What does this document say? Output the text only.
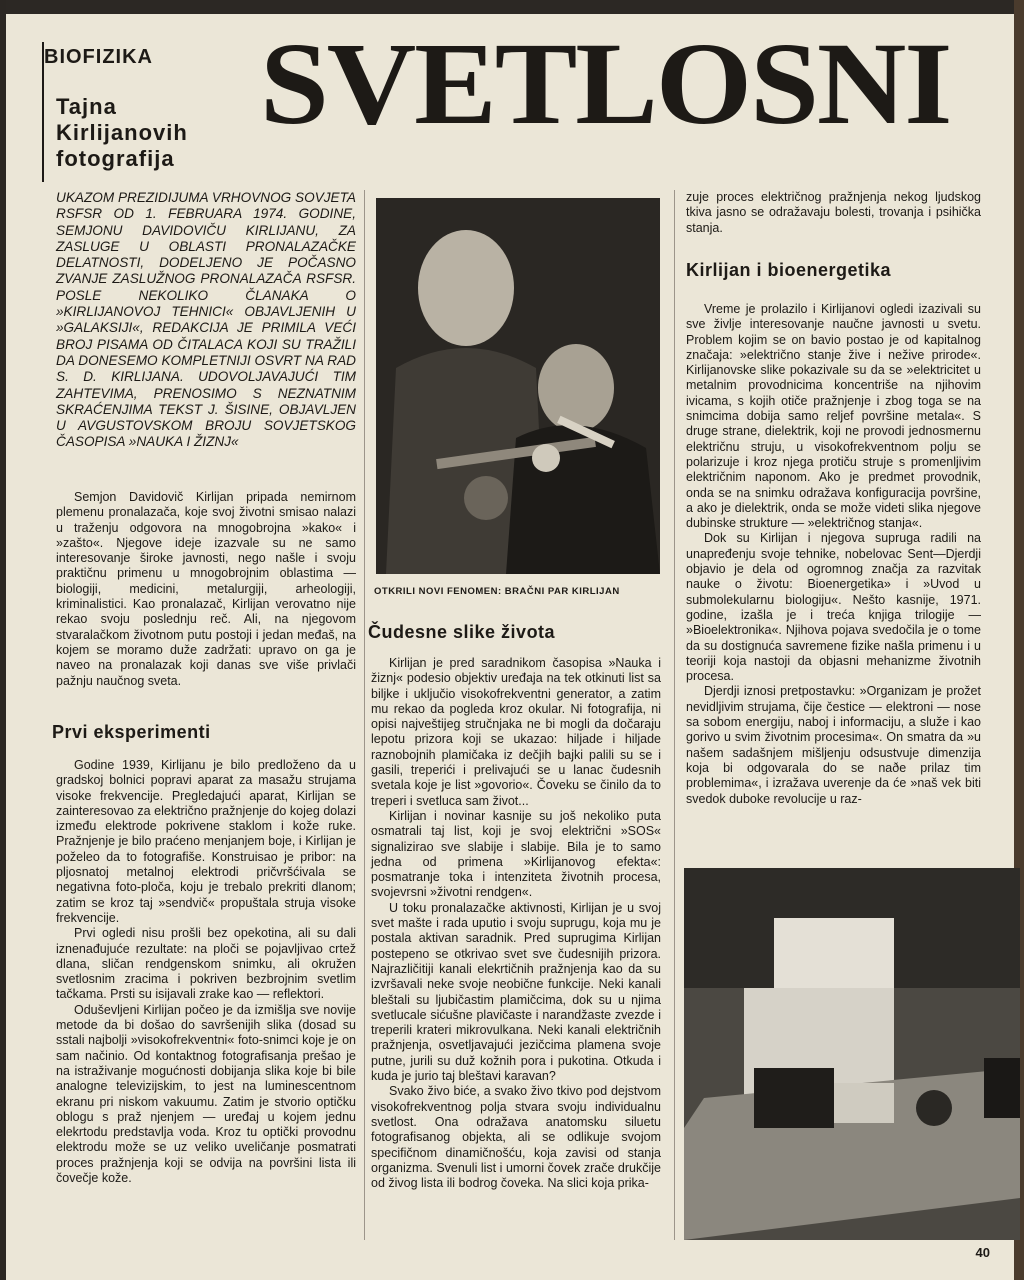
BIOFIZIKA
Tajna Kirlijanovih fotografija
SVETLOSNI
UKAZOM PREZIDIJUMA VRHOVNOG SOVJETA RSFSR OD 1. FEBRUARA 1974. GODINE, SEMJONU DAVIDOVIČU KIRLIJANU, ZA ZASLUGE U OBLASTI PRONALAZAČKE DELATNOSTI, DODELJENO JE POČASNO ZVANJE ZASLUŽNOG PRONALAZAČA RSFSR. POSLE NEKOLIKO ČLANAKA O »KIRLIJANOVOJ TEHNICI« OBJAVLJENIH U »GALAKSIJI«, REDAKCIJA JE PRIMILA VEĆI BROJ PISAMA OD ČITALACA KOJI SU TRAŽILI DA DONESEMO KOMPLETNIJI OSVRT NA RAD S. D. KIRLIJANA. UDOVOLJAVAJUĆI TIM ZAHTEVIMA, PRENOSIMO S NEZNATNIM SKRAĆENJIMA TEKST J. ŠISINE, OBJAVLJEN U AVGUSTOVSKOM BROJU SOVJETSKOG ČASOPISA »NAUKA I ŽIZNJ«

Semjon Davidovič Kirlijan pripada nemirnom plemenu pronalazača, koje svoj životni smisao nalazi u traženju odgovora na mnogobrojna »kako« i »zašto«. Njegove ideje izazvale su ne samo interesovanje široke javnosti, nego našle i svoju praktičnu primenu u mnogobrojnim oblastima — biologiji, medicini, metalurgiji, arheologiji, kriminalistici. Kao pronalazač, Kirlijan verovatno nije rekao svoju poslednju reč. Ali, na njegovom stvaralačkom životnom putu postoji i jedan međaš, na kojem se moramo duže zadržati: upravo on ga je naveo na pronalazak koji danas sve više privlači pažnju naučnog sveta.

Prvi eksperimenti

Godine 1939, Kirlijanu je bilo predloženo da u gradskoj bolnici popravi aparat za masažu strujama visoke frekvencije. Pregledajući aparat, Kirlijan se zainteresovao za električno pražnjenje do kojeg dolazi između elektrode pokrivene staklom i kože ruke. Pražnjenje je bilo praćeno menjanjem boje, i Kirlijan je poželeo da to fotografiše. Konstruisao je pribor: na pljosnatoj metalnoj elektrodi pričvršćivala se negativna foto-ploča, koju je trebalo prekriti dlanom; zatim se kroz taj »sendvič« propuštala struja visoke frekvencije.

Prvi ogledi nisu prošli bez opekotina, ali su dali iznenađujuće rezultate: na ploči se pojavljivao crtež dlana, sličan rendgenskom snimku, ali okružen svetlosnim zracima i pokriven bezbrojnim svetlim tačkama. Prsti su isijavali zrake kao — reflektori.

Oduševljeni Kirlijan počeo je da izmišlja sve novije metode da bi došao do savršenijih slika (dosad su sstali najbolji »visokofrekventni« foto-snimci koje je on sam načinio. Od kontaktnog fotografisanja prešao je na istraživanje mogućnosti dobijanja slika koje bi bile analogne televizijskim, to jest na luminescentnom ekranu pri niskom vakuumu. Zatim je stvorio optičku oblogu s praž njenjem — uređaj u kojem jednu elekrtodu predstavlja voda. Kroz tu optički provodnu elektrodu može se uz veliko uveličanje posmatrati proces pražnjenja koji se odvija na površini lista ili čovečje kože.

OTKRILI NOVI FENOMEN: BRAČNI PAR KIRLIJAN
Čudesne slike života

Kirlijan je pred saradnikom časopisa »Nauka i žiznj« podesio objektiv uređaja na tek otkinuti list sa biljke i uključio visokofrekventni generator, a zatim mu rekao da pogleda kroz okular. Ni fotografija, ni opisi najveštijeg stručnjaka ne bi mogli da dočaraju lepotu prizora koji se ukazao: hiljade i hiljade raznobojnih plamičaka iz dečjih bajki palili su se i gasili, treperići i prelivajući se u lanac čudesnih svetala koje je list »govorio«. Čoveku se činilo da to treperi i svetluca sam život...

Kirlijan i novinar kasnije su još nekoliko puta osmatrali taj list, koji je svoj električni »SOS« signalizirao sve slabije i slabije. Bila je to samo jedna od primena »Kirlijanovog efekta«: posmatranje toka i intenziteta životnih procesa, svojevrsni »životni rendgen«.

U toku pronalazačke aktivnosti, Kirlijan je u svoj svet mašte i rada uputio i svoju suprugu, koja mu je postala aktivan saradnik. Pred suprugima Kirlijan postepeno se otkrivao svet sve čudesnijih prizora. Najrazličitiji kanali elekrtičnih pražnjenja kao da su izvršavali neke svoje neobične funkcije. Neki kanali bleštali su ljubičastim plamičcima, dok su u njima svetlucale sićušne plavičaste i narandžaste zvezde i treperili krateri mikrovulkana. Neki kanali električnih pražnjenja, osvetljavajući jezičcima plamena svoje putne, jurili su duž kožnih pora i pukotina. Otkuda i kuda je jurio taj bleštavi karavan?

Svako živo biće, a svako živo tkivo pod dejstvom visokofrekventnog polja stvara svoju individualnu svetlost. Ona odražava anatomsku siluetu fotografisanog objekta, ali se odlikuje svojom specifičnom dinamičnošću, koja zavisi od stanja organizma. Svenuli list i umorni čovek zrače drukčije od živog lista ili bodrog čoveka. Na slici koja prika-

zuje proces električnog pražnjenja nekog ljudskog tkiva jasno se odražavaju bolesti, trovanja i psihička stanja.

Kirlijan i bioenergetika

Vreme je prolazilo i Kirlijanovi ogledi izazivali su sve življe interesovanje naučne javnosti u svetu. Problem kojim se on bavio postao je od kapitalnog značaja: »električno stanje žive i nežive prirode«. Kirlijanovske slike pokazivale su da se »elektricitet u metalnim provodnicima koncentriše na njihovim ivicama, s kojih otiče pražnjenje i zbog toga se na snimcima dobija samo reljef površine metala«. S druge strane, dielektrik, koji ne provodi jednosmernu električnu struju, u visokofrekventnom polju se polarizuje i kroz njega protiču struje s promenljivim električnim naponom. Ako je predmet provodnik, onda se na snimku odražava konfiguracija površine, a ako je dielektrik, onda se može videti slika njegove dubinske strukture — »električnog stanja«.

Dok su Kirlijan i njegova supruga radili na unapređenju svoje tehnike, nobelovac Sent—Djerdji objavio je dela od ogromnog značja za razvitak nauke o životu: Bioenergetika» i »Uvod u submolekularnu biologiju«. Nešto kasnije, 1971. godine, izašla je i treća knjiga trilogije — »Bioelektronika«. Njihova pojava svedočila je o tome da su dostignuća savremene fizike našla primenu i u teoriji koja nastoji da objasni mehanizme životnih procesa.

Djerdji iznosi pretpostavku: »Organizam je prožet nevidljivim strujama, čije čestice — elektroni — nose sa sobom energiju, naboj i informaciju, a služe i kao gorivo u svim životnim procesima«. On smatra da »u našem sadašnjem mišljenju odsustvuje dimenzija koja bi odgovarala do se naðe prilaz tim problemima«, i izražava uverenje da će »naš vek biti svedok duboke revolucije u raz-

40
